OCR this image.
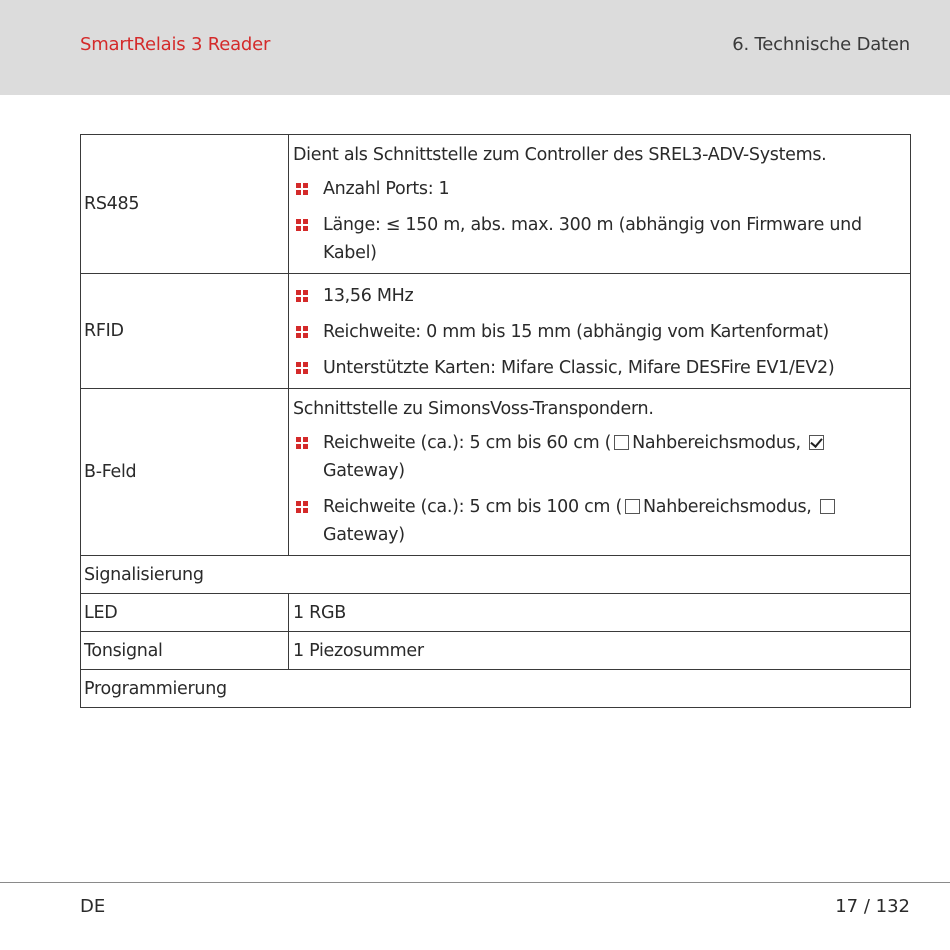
SmartRelais 3 Reader	6. Technische Daten
RS485	Dient als Schnittstelle zum Controller des SREL3-ADV-Systems.
Anzahl Ports: 1
Länge: ≤ 150 m, abs. max. 300 m (abhängig von Firmware und Kabel)

RFID	13,56 MHz
Reichweite: 0 mm bis 15 mm (abhängig vom Kartenformat)
Unterstützte Karten: Mifare Classic, Mifare DESFire EV1/EV2)

B-Feld	Schnittstelle zu SimonsVoss-Transpondern.
Reichweite (ca.): 5 cm bis 60 cm ( Nahbereichsmodus, Gateway)
Reichweite (ca.): 5 cm bis 100 cm ( Nahbereichsmodus, Gateway)

Signalisierung	
LED	1 RGB
Tonsignal	1 Piezosummer
Programmierung	
DE	17 / 132
